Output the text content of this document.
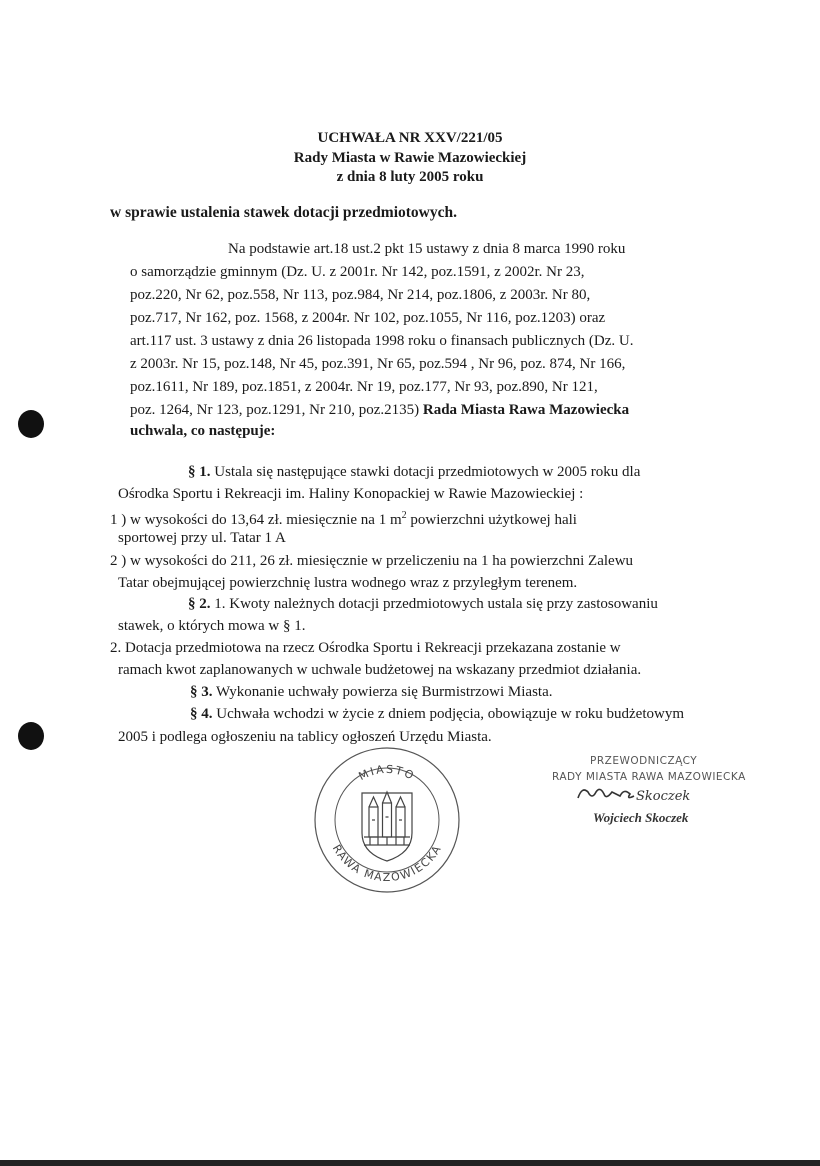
UCHWAŁA NR XXV/221/05
Rady Miasta w Rawie Mazowieckiej
z dnia 8 luty 2005 roku
w sprawie ustalenia stawek dotacji przedmiotowych.
Na podstawie art.18 ust.2 pkt 15 ustawy z dnia 8 marca 1990 roku
o samorządzie gminnym (Dz. U. z 2001r. Nr 142, poz.1591, z 2002r. Nr 23,
poz.220, Nr 62, poz.558, Nr 113, poz.984, Nr 214, poz.1806, z 2003r. Nr 80,
poz.717, Nr 162, poz. 1568, z 2004r. Nr 102, poz.1055, Nr 116, poz.1203) oraz
art.117 ust. 3 ustawy z dnia 26 listopada 1998 roku o finansach publicznych (Dz. U.
z 2003r. Nr 15, poz.148, Nr 45, poz.391, Nr 65, poz.594 , Nr 96, poz. 874, Nr 166,
poz.1611, Nr 189, poz.1851, z 2004r. Nr 19, poz.177, Nr 93, poz.890, Nr 121,
poz. 1264, Nr 123, poz.1291, Nr 210, poz.2135) Rada Miasta Rawa Mazowiecka
uchwala, co następuje:
§ 1. Ustala się następujące stawki dotacji przedmiotowych w 2005 roku dla
Ośrodka Sportu i Rekreacji im. Haliny Konopackiej w Rawie Mazowieckiej :
1 ) w wysokości do 13,64 zł. miesięcznie na 1 $m^2$ powierzchni użytkowej hali
sportowej przy ul. Tatar 1 A
2 ) w wysokości do 211, 26 zł. miesięcznie w przeliczeniu na 1 ha powierzchni Zalewu
Tatar obejmującej powierzchnię lustra wodnego wraz z przyległym terenem.
§ 2. 1. Kwoty należnych dotacji przedmiotowych ustala się przy zastosowaniu
stawek, o których mowa w § 1.
2. Dotacja przedmiotowa na rzecz Ośrodka Sportu i Rekreacji przekazana zostanie w
ramach kwot zaplanowanych w uchwale budżetowej na wskazany przedmiot działania.
§ 3. Wykonanie uchwały powierza się Burmistrzowi Miasta.
§ 4. Uchwała wchodzi w życie z dniem podjęcia, obowiązuje w roku budżetowym
2005 i podlega ogłoszeniu na tablicy ogłoszeń Urzędu Miasta.
MIASTO
RAWA MAZOWIECKA
PRZEWODNICZĄCY
RADY MIASTA RAWA MAZOWIECKA
Skoczek
Wojciech Skoczek
